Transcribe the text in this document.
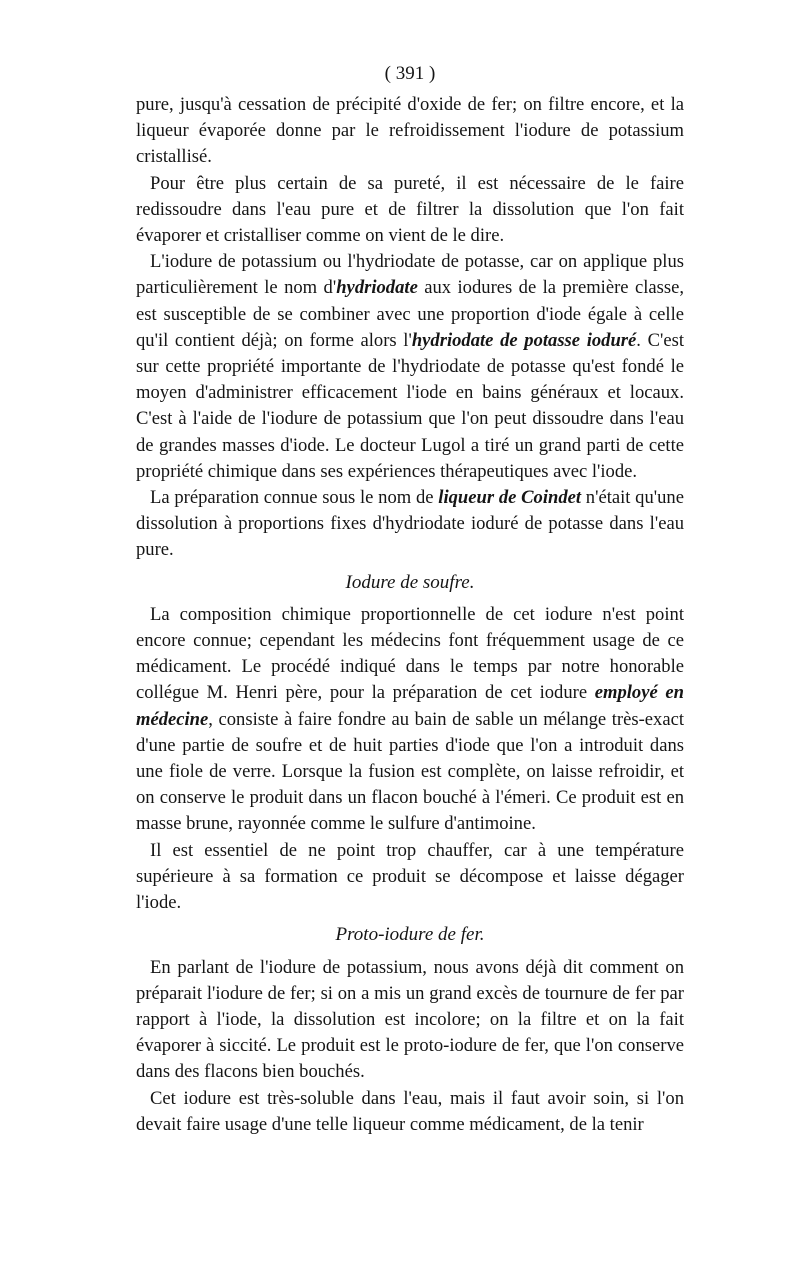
( 391 )

pure, jusqu'à cessation de précipité d'oxide de fer; on filtre encore, et la liqueur évaporée donne par le refroidissement l'iodure de potassium cristallisé.

Pour être plus certain de sa pureté, il est nécessaire de le faire redissoudre dans l'eau pure et de filtrer la dissolution que l'on fait évaporer et cristalliser comme on vient de le dire.

L'iodure de potassium ou l'hydriodate de potasse, car on applique plus particulièrement le nom d'hydriodate aux iodures de la première classe, est susceptible de se combiner avec une proportion d'iode égale à celle qu'il contient déjà; on forme alors l'hydriodate de potasse ioduré. C'est sur cette propriété importante de l'hydriodate de potasse qu'est fondé le moyen d'administrer efficacement l'iode en bains généraux et locaux. C'est à l'aide de l'iodure de potassium que l'on peut dissoudre dans l'eau de grandes masses d'iode. Le docteur Lugol a tiré un grand parti de cette propriété chimique dans ses expériences thérapeutiques avec l'iode.

La préparation connue sous le nom de liqueur de Coindet n'était qu'une dissolution à proportions fixes d'hydriodate ioduré de potasse dans l'eau pure.

Iodure de soufre.

La composition chimique proportionnelle de cet iodure n'est point encore connue; cependant les médecins font fréquemment usage de ce médicament. Le procédé indiqué dans le temps par notre honorable collégue M. Henri père, pour la préparation de cet iodure employé en médecine, consiste à faire fondre au bain de sable un mélange très-exact d'une partie de soufre et de huit parties d'iode que l'on a introduit dans une fiole de verre. Lorsque la fusion est complète, on laisse refroidir, et on conserve le produit dans un flacon bouché à l'émeri. Ce produit est en masse brune, rayonnée comme le sulfure d'antimoine.

Il est essentiel de ne point trop chauffer, car à une température supérieure à sa formation ce produit se décompose et laisse dégager l'iode.

Proto-iodure de fer.

En parlant de l'iodure de potassium, nous avons déjà dit comment on préparait l'iodure de fer; si on a mis un grand excès de tournure de fer par rapport à l'iode, la dissolution est incolore; on la filtre et on la fait évaporer à siccité. Le produit est le proto-iodure de fer, que l'on conserve dans des flacons bien bouchés.

Cet iodure est très-soluble dans l'eau, mais il faut avoir soin, si l'on devait faire usage d'une telle liqueur comme médicament, de la tenir
